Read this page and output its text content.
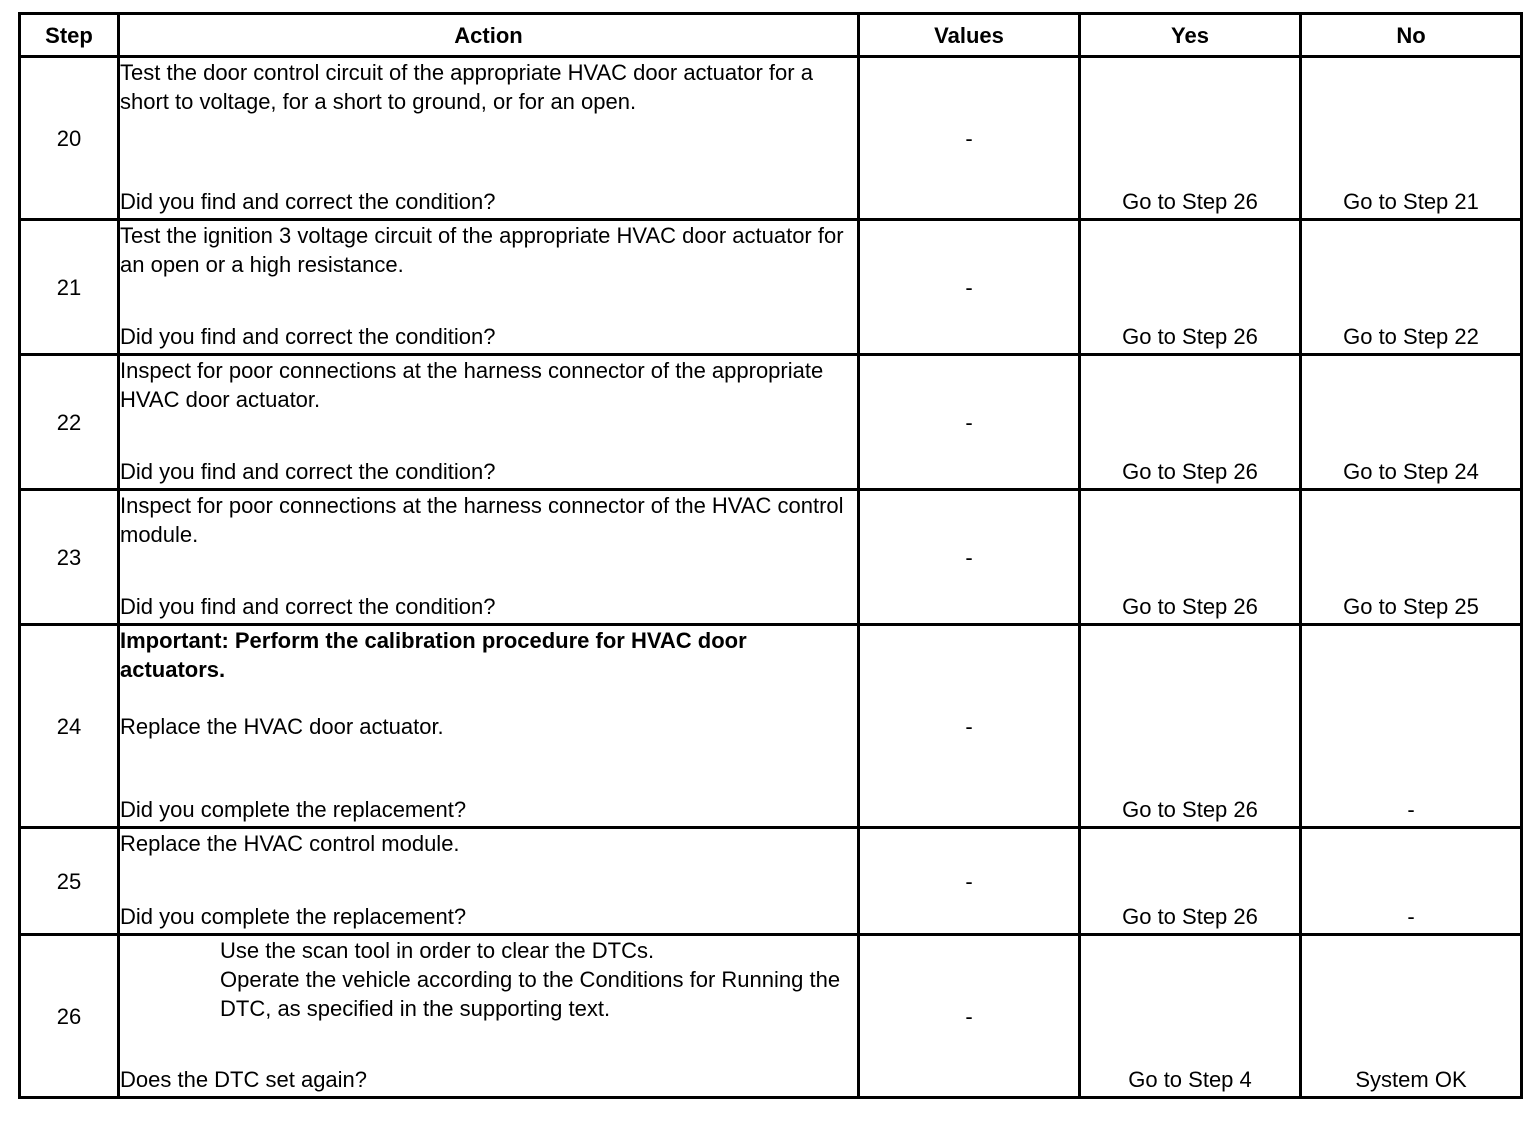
Step	Action	Values	Yes	No
20	Test the door control circuit of the appropriate HVAC door actuator for a short to voltage, for a short to ground, or for an open.
Did you find and correct the condition?	-	Go to Step 26	Go to Step 21

21	Test the ignition 3 voltage circuit of the appropriate HVAC door actuator for an open or a high resistance.
Did you find and correct the condition?	-	Go to Step 26	Go to Step 22

22	Inspect for poor connections at the harness connector of the appropriate HVAC door actuator.
Did you find and correct the condition?	-	Go to Step 26	Go to Step 24

23	Inspect for poor connections at the harness connector of the HVAC control module.
Did you find and correct the condition?	-	Go to Step 26	Go to Step 25

24	Important: Perform the calibration procedure for HVAC door actuators.
Replace the HVAC door actuator.
Did you complete the replacement?	-	Go to Step 26	-

25	Replace the HVAC control module.
Did you complete the replacement?	-	Go to Step 26	-

26	Use the scan tool in order to clear the DTCs.
Operate the vehicle according to the Conditions for Running the DTC, as specified in the supporting text.
Does the DTC set again?	-	Go to Step 4	System OK
